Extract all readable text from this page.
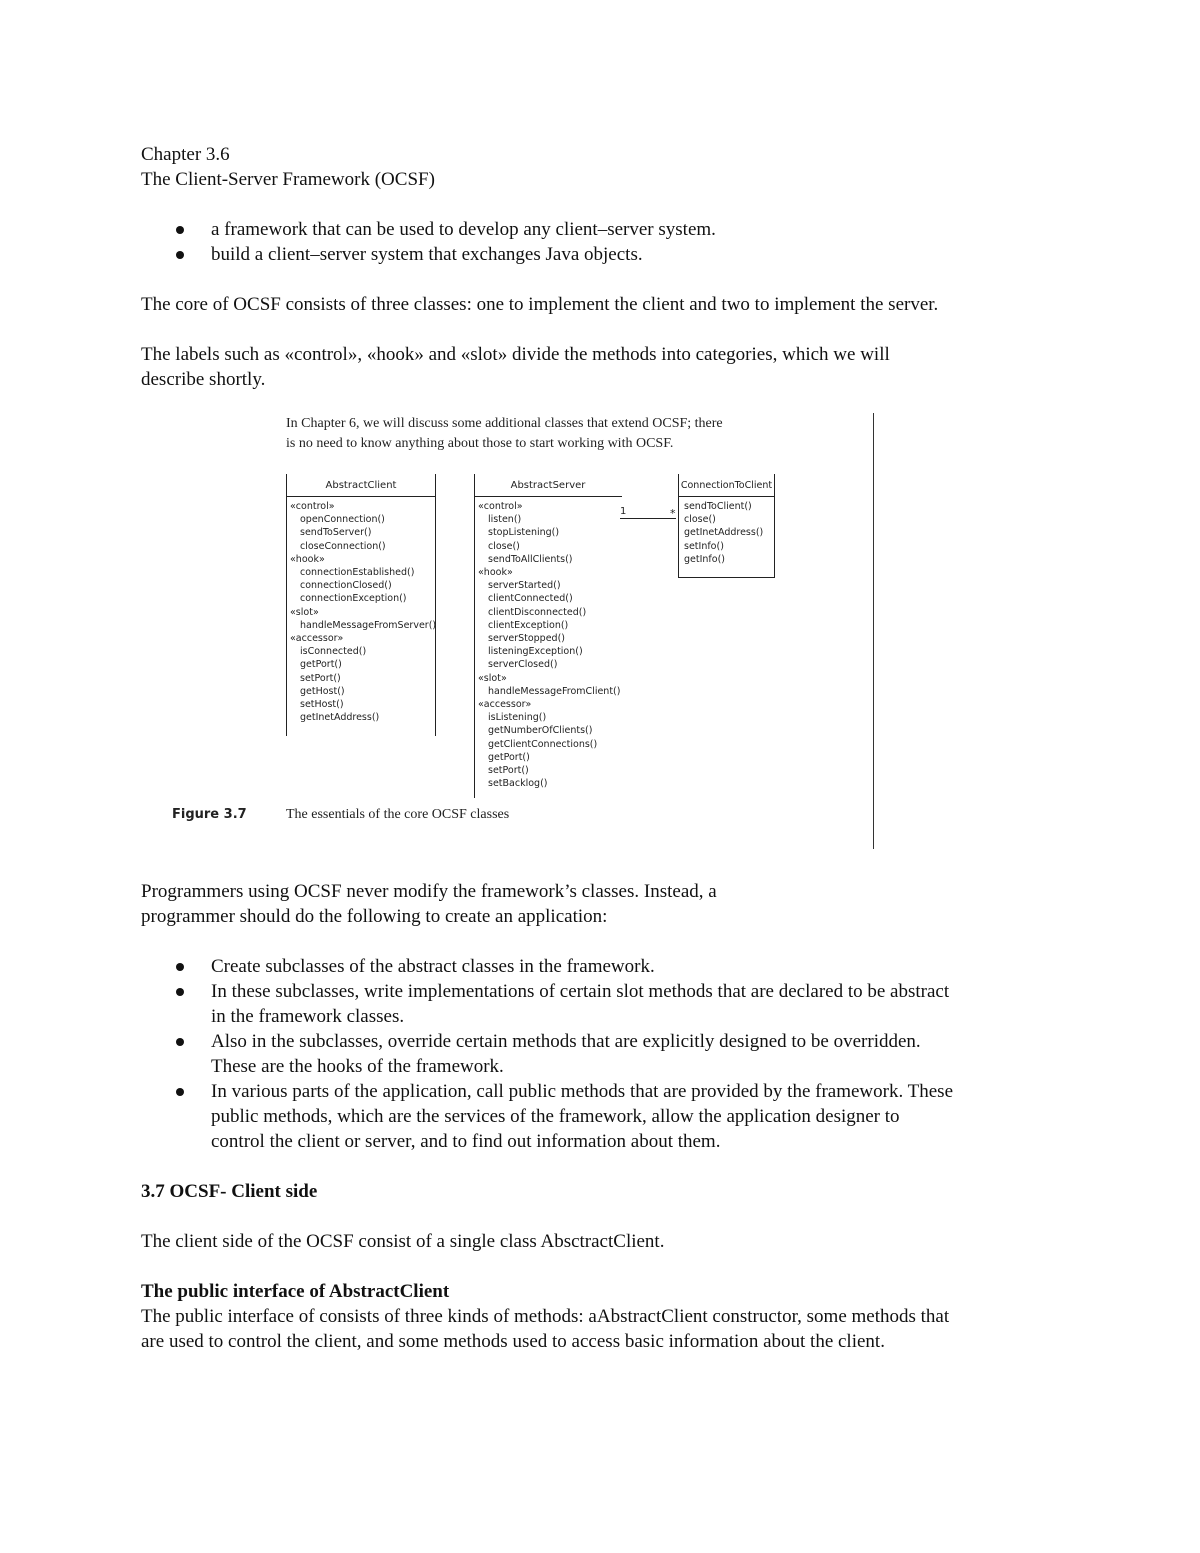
Chapter 3.6

The Client-Server Framework (OCSF)

a framework that can be used to develop any client–server system.
build a client–server system that exchanges Java objects.

The core of OCSF consists of three classes: one to implement the client and two to implement the server.

The labels such as «control», «hook» and «slot» divide the methods into categories, which we will

describe shortly.

Programmers using OCSF never modify the framework’s classes. Instead, a

programmer should do the following to create an application:

Create subclasses of the abstract classes in the framework.
In these subclasses, write implementations of certain slot methods that are declared to be abstract
in the framework classes.
Also in the subclasses, override certain methods that are explicitly designed to be overridden.
These are the hooks of the framework.
In various parts of the application, call public methods that are provided by the framework. These
public methods, which are the services of the framework, allow the application designer to
control the client or server, and to find out information about them.
3.7 OCSF- Client side

The client side of the OCSF consist of a single class AbsctractClient.

The public interface of AbstractClient

The public interface of consists of three kinds of methods: aAbstractClient constructor, some methods that

are used to control the client, and some methods used to access basic information about the client.

In Chapter 6, we will discuss some additional classes that extend OCSF; there
is no need to know anything about those to start working with OCSF.
AbstractClient
«control»
openConnection()
sendToServer()
closeConnection()
«hook»
connectionEstablished()
connectionClosed()
connectionException()
«slot»
handleMessageFromServer()
«accessor»
isConnected()
getPort()
setPort()
getHost()
setHost()
getInetAddress()
AbstractServer
«control»
listen()
stopListening()
close()
sendToAllClients()
«hook»
serverStarted()
clientConnected()
clientDisconnected()
clientException()
serverStopped()
listeningException()
serverClosed()
«slot»
handleMessageFromClient()
«accessor»
isListening()
getNumberOfClients()
getClientConnections()
getPort()
setPort()
setBacklog()
1	*
ConnectionToClient
sendToClient()
close()
getInetAddress()
setInfo()
getInfo()
Figure 3.7	The essentials of the core OCSF classes
